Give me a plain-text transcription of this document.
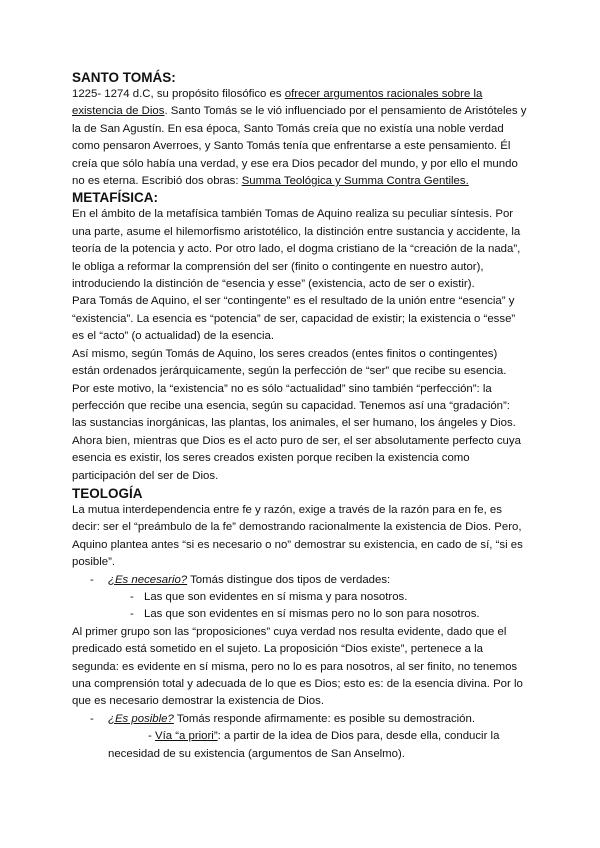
SANTO TOMÁS:

1225- 1274 d.C, su propósito filosófico es ofrecer argumentos racionales sobre la existencia de Dios. Santo Tomás se le vió influenciado por el pensamiento de Aristóteles y la de San Agustín. En esa época, Santo Tomás creía que no existía una noble verdad como pensaron Averroes, y Santo Tomás tenía que enfrentarse a este pensamiento. Él creía que sólo había una verdad, y ese era Dios pecador del mundo, y por ello el mundo no es eterna. Escribió dos obras: Summa Teológica y Summa Contra Gentiles.

METAFÍSICA:

En el ámbito de la metafísica también Tomas de Aquino realiza su peculiar síntesis. Por una parte, asume el hilemorfismo aristotélico, la distinción entre sustancia y accidente, la teoría de la potencia y acto. Por otro lado, el dogma cristiano de la “creación de la nada”, le obliga a reformar la comprensión del ser (finito o contingente en nuestro autor), introduciendo la distinción de “esencia y esse” (existencia, acto de ser o existir).

Para Tomás de Aquino, el ser “contingente” es el resultado de la unión entre “esencia” y “existencia”. La esencia es “potencia” de ser, capacidad de existir; la existencia o “esse” es el “acto” (o actualidad) de la esencia.

Así mismo, según Tomás de Aquino, los seres creados (entes finitos o contingentes) están ordenados jerárquicamente, según la perfección de “ser” que recibe su esencia. Por este motivo, la “existencia” no es sólo “actualidad” sino también “perfección”: la perfección que recibe una esencia, según su capacidad. Tenemos así una “gradación”: las sustancias inorgánicas, las plantas, los animales, el ser humano, los ángeles y Dios. Ahora bien, mientras que Dios es el acto puro de ser, el ser absolutamente perfecto cuya esencia es existir, los seres creados existen porque reciben la existencia como participación del ser de Dios.

TEOLOGÍA

La mutua interdependencia entre fe y razón, exige a través de la razón para en fe, es decir: ser el “preámbulo de la fe” demostrando racionalmente la existencia de Dios. Pero, Aquino plantea antes “si es necesario o no” demostrar su existencia, en cado de sí, “si es posible”.

- ¿Es necesario? Tomás distingue dos tipos de verdades:
- Las que son evidentes en sí misma y para nosotros.
- Las que son evidentes en sí mismas pero no lo son para nosotros.

Al primer grupo son las “proposiciones” cuya verdad nos resulta evidente, dado que el predicado está sometido en el sujeto. La proposición “Dios existe”, pertenece a la segunda: es evidente en sí misma, pero no lo es para nosotros, al ser finito, no tenemos una comprensión total y adecuada de lo que es Dios; esto es: de la esencia divina. Por lo que es necesario demostrar la existencia de Dios.

- ¿Es posible? Tomás responde afirmamente: es posible su demostración.
- Vía “a priori”: a partir de la idea de Dios para, desde ella, conducir la necesidad de su existencia (argumentos de San Anselmo).
